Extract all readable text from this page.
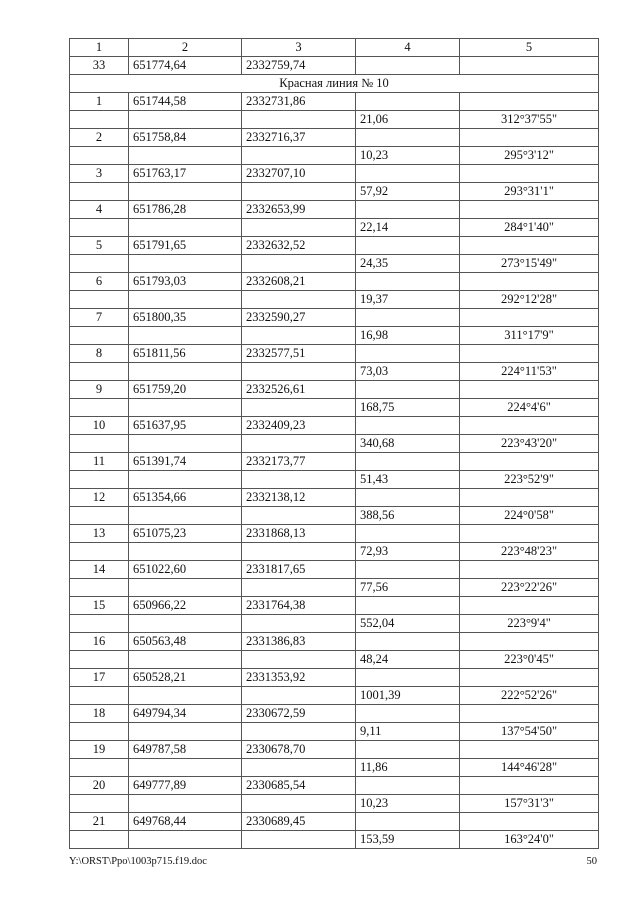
1	2	3	4	5
33	651774,64	2332759,74		
Красная линия № 10				
1	651744,58	2332731,86		
			21,06	312°37'55"
2	651758,84	2332716,37		
			10,23	295°3'12"
3	651763,17	2332707,10		
			57,92	293°31'1"
4	651786,28	2332653,99		
			22,14	284°1'40"
5	651791,65	2332632,52		
			24,35	273°15'49"
6	651793,03	2332608,21		
			19,37	292°12'28"
7	651800,35	2332590,27		
			16,98	311°17'9"
8	651811,56	2332577,51		
			73,03	224°11'53"
9	651759,20	2332526,61		
			168,75	224°4'6"
10	651637,95	2332409,23		
			340,68	223°43'20"
11	651391,74	2332173,77		
			51,43	223°52'9"
12	651354,66	2332138,12		
			388,56	224°0'58"
13	651075,23	2331868,13		
			72,93	223°48'23"
14	651022,60	2331817,65		
			77,56	223°22'26"
15	650966,22	2331764,38		
			552,04	223°9'4"
16	650563,48	2331386,83		
			48,24	223°0'45"
17	650528,21	2331353,92		
			1001,39	222°52'26"
18	649794,34	2330672,59		
			9,11	137°54'50"
19	649787,58	2330678,70		
			11,86	144°46'28"
20	649777,89	2330685,54		
			10,23	157°31'3"
21	649768,44	2330689,45		
			153,59	163°24'0"
Y:\ORST\Ppo\1003p715.f19.doc	50
